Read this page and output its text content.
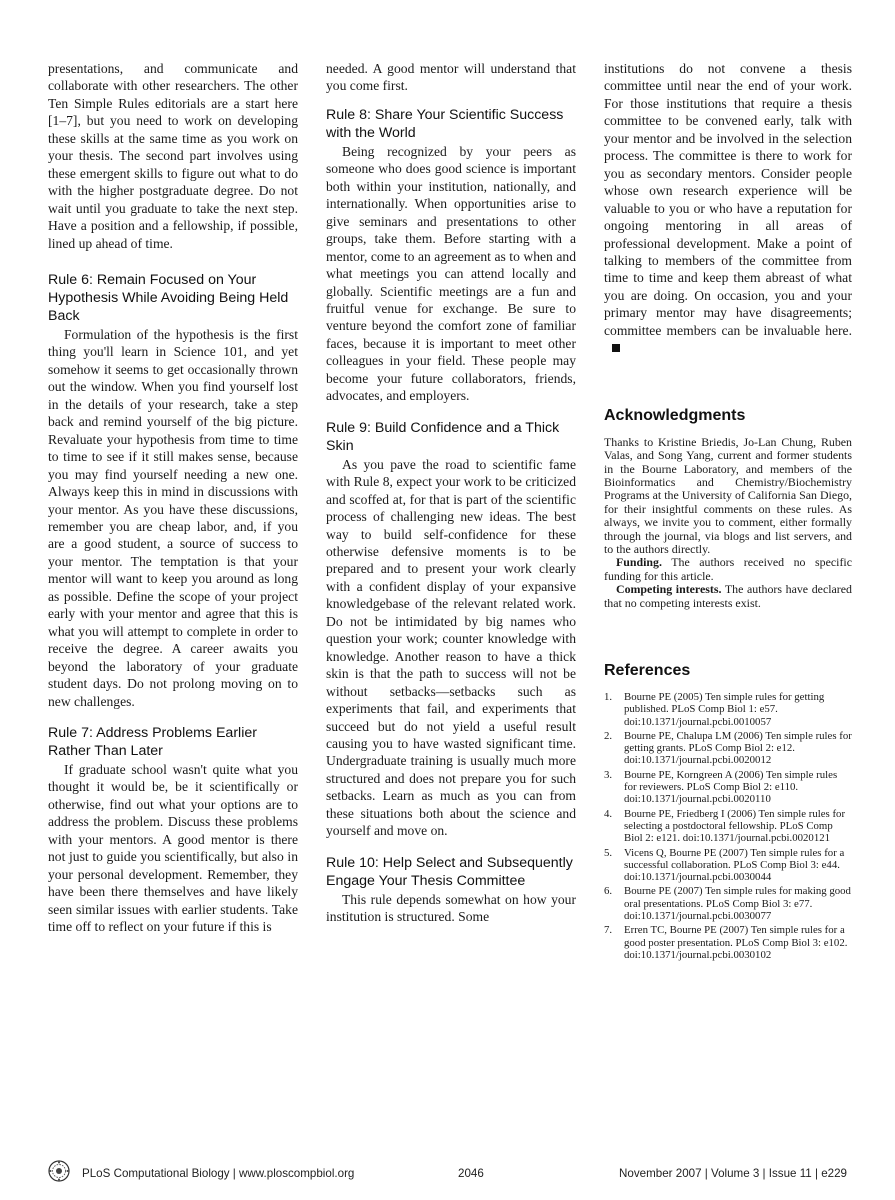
presentations, and communicate and collaborate with other researchers. The other Ten Simple Rules editorials are a start here [1–7], but you need to work on developing these skills at the same time as you work on your thesis. The second part involves using these emergent skills to figure out what to do with the higher postgraduate degree. Do not wait until you graduate to take the next step. Have a position and a fellowship, if possible, lined up ahead of time.

Rule 6: Remain Focused on Your Hypothesis While Avoiding Being Held Back

Formulation of the hypothesis is the first thing you'll learn in Science 101, and yet somehow it seems to get occasionally thrown out the window. When you find yourself lost in the details of your research, take a step back and remind yourself of the big picture. Revaluate your hypothesis from time to time to time to see if it still makes sense, because you may find yourself needing a new one. Always keep this in mind in discussions with your mentor. As you have these discussions, remember you are cheap labor, and, if you are a good student, a source of success to your mentor. The temptation is that your mentor will want to keep you around as long as possible. Define the scope of your project early with your mentor and agree that this is what you will attempt to complete in order to receive the degree. A career awaits you beyond the laboratory of your graduate student days. Do not prolong moving on to new challenges.

Rule 7: Address Problems Earlier Rather Than Later

If graduate school wasn't quite what you thought it would be, be it scientifically or otherwise, find out what your options are to address the problem. Discuss these problems with your mentors. A good mentor is there not just to guide you scientifically, but also in your personal development. Remember, they have been there themselves and have likely seen similar issues with earlier students. Take time off to reflect on your future if this is

needed. A good mentor will understand that you come first.

Rule 8: Share Your Scientific Success with the World

Being recognized by your peers as someone who does good science is important both within your institution, nationally, and internationally. When opportunities arise to give seminars and presentations to other groups, take them. Before starting with a mentor, come to an agreement as to when and what meetings you can attend locally and globally. Scientific meetings are a fun and fruitful venue for exchange. Be sure to venture beyond the comfort zone of familiar faces, because it is important to meet other colleagues in your field. These people may become your future collaborators, friends, advocates, and employers.

Rule 9: Build Confidence and a Thick Skin

As you pave the road to scientific fame with Rule 8, expect your work to be criticized and scoffed at, for that is part of the scientific process of challenging new ideas. The best way to build self-confidence for these otherwise defensive moments is to be prepared and to present your work clearly with a confident display of your expansive knowledgebase of the relevant related work. Do not be intimidated by big names who question your work; counter knowledge with knowledge. Another reason to have a thick skin is that the path to success will not be without setbacks—setbacks such as experiments that fail, and experiments that succeed but do not yield a useful result causing you to have wasted significant time. Undergraduate training is usually much more structured and does not prepare you for such setbacks. Learn as much as you can from these situations both about the science and yourself and move on.

Rule 10: Help Select and Subsequently Engage Your Thesis Committee

This rule depends somewhat on how your institution is structured. Some

institutions do not convene a thesis committee until near the end of your work. For those institutions that require a thesis committee to be convened early, talk with your mentor and be involved in the selection process. The committee is there to work for you as secondary mentors. Consider people whose own research experience will be valuable to you or who have a reputation for ongoing mentoring in all areas of professional development. Make a point of talking to members of the committee from time to time and keep them abreast of what you are doing. On occasion, you and your primary mentor may have disagreements; committee members can be invaluable here.

Acknowledgments

Thanks to Kristine Briedis, Jo-Lan Chung, Ruben Valas, and Song Yang, current and former students in the Bourne Laboratory, and members of the Bioinformatics and Chemistry/Biochemistry Programs at the University of California San Diego, for their insightful comments on these rules. As always, we invite you to comment, either formally through the journal, via blogs and list servers, and to the authors directly.

Funding. The authors received no specific funding for this article.

Competing interests. The authors have declared that no competing interests exist.

References
1.	Bourne PE (2005) Ten simple rules for getting published. PLoS Comp Biol 1: e57. doi:10.1371/journal.pcbi.0010057
2.	Bourne PE, Chalupa LM (2006) Ten simple rules for getting grants. PLoS Comp Biol 2: e12. doi:10.1371/journal.pcbi.0020012
3.	Bourne PE, Korngreen A (2006) Ten simple rules for reviewers. PLoS Comp Biol 2: e110. doi:10.1371/journal.pcbi.0020110
4.	Bourne PE, Friedberg I (2006) Ten simple rules for selecting a postdoctoral fellowship. PLoS Comp Biol 2: e121. doi:10.1371/journal.pcbi.0020121
5.	Vicens Q, Bourne PE (2007) Ten simple rules for a successful collaboration. PLoS Comp Biol 3: e44. doi:10.1371/journal.pcbi.0030044
6.	Bourne PE (2007) Ten simple rules for making good oral presentations. PLoS Comp Biol 3: e77. doi:10.1371/journal.pcbi.0030077
7.	Erren TC, Bourne PE (2007) Ten simple rules for a good poster presentation. PLoS Comp Biol 3: e102. doi:10.1371/journal.pcbi.0030102
PLoS Computational Biology | www.ploscompbiol.org	2046	November 2007 | Volume 3 | Issue 11 | e229
